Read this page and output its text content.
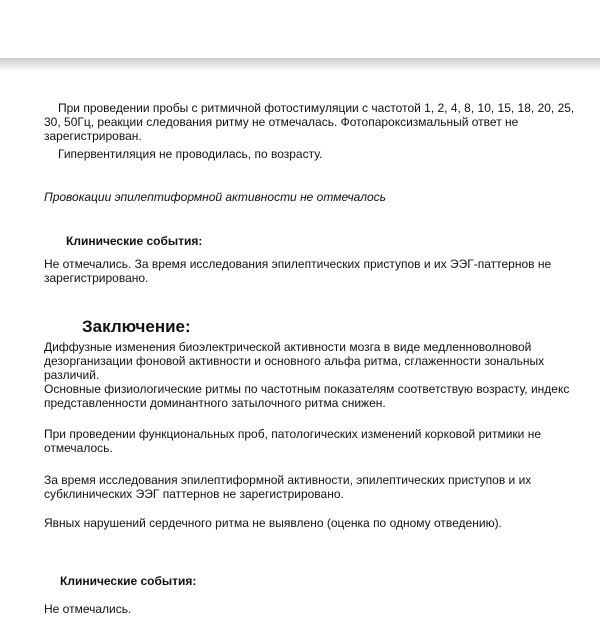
При проведении пробы с ритмичной фотостимуляции с частотой 1, 2, 4, 8, 10, 15, 18, 20, 25, 30, 50Гц, реакции следования ритму не отмечалась. Фотопароксизмальный ответ не зарегистрирован.

Гипервентиляция не проводилась, по возрасту.

Провокации эпилептиформной активности не отмечалось

Клинические события:

Не отмечались. За время исследования эпилептических приступов и их ЭЭГ-паттернов не зарегистрировано.

Заключение:

Диффузные изменения биоэлектрической активности мозга в виде медленноволновой дезорганизации фоновой активности и основного альфа ритма, сглаженности зональных различий.

Основные физиологические ритмы по частотным показателям соответствую возрасту, индекс представленности доминантного затылочного ритма снижен.

При проведении функциональных проб, патологических изменений корковой ритмики не отмечалось.

За время исследования эпилептиформной активности, эпилептических приступов и их субклинических ЭЭГ паттернов не зарегистрировано.

Явных нарушений сердечного ритма не выявлено (оценка по одному отведению).

Клинические события:

Не отмечались.
